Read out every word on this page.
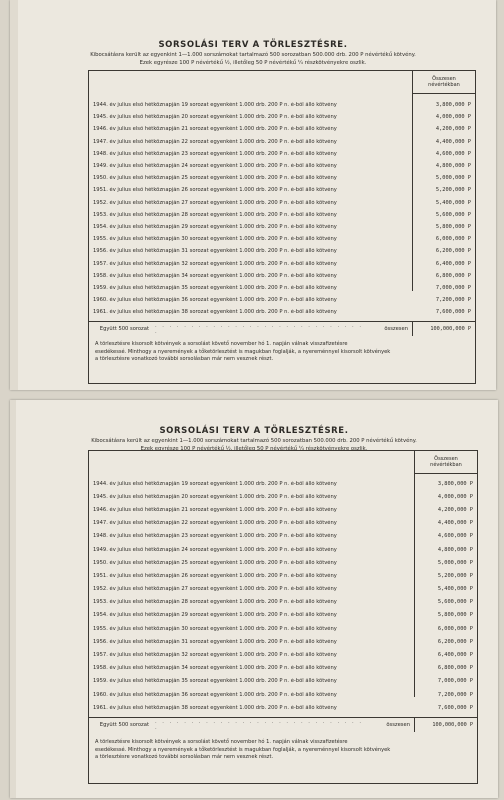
SORSOLÁSI TERV A TÖRLESZTÉSRE.
Kibocsátásra került az egyenkint 1—1.000 sorszámokat tartalmazó 500 sorozatban 500.000 drb. 200 P névértékű kötvény.
Ezek egyrésze 100 P névértékű ½, illetőleg 50 P névértékű ¼ részkötvényekre oszlik.
Összesen
névértékban
1944. év julius első hétköznapján 19 sorozat egyenként 1.000 drb. 200 P n. é-ből álló kötvény	3,800,000 P
1945. év julius első hétköznapján 20 sorozat egyenként 1.000 drb. 200 P n. é-ből álló kötvény	4,000,000 P
1946. év julius első hétköznapján 21 sorozat egyenként 1.000 drb. 200 P n. é-ből álló kötvény	4,200,000 P
1947. év julius első hétköznapján 22 sorozat egyenként 1.000 drb. 200 P n. é-ből álló kötvény	4,400,000 P
1948. év julius első hétköznapján 23 sorozat egyenként 1.000 drb. 200 P n. é-ből álló kötvény	4,600,000 P
1949. év julius első hétköznapján 24 sorozat egyenként 1.000 drb. 200 P n. é-ből álló kötvény	4,800,000 P
1950. év julius első hétköznapján 25 sorozat egyenként 1.000 drb. 200 P n. é-ből álló kötvény	5,000,000 P
1951. év julius első hétköznapján 26 sorozat egyenként 1.000 drb. 200 P n. é-ből álló kötvény	5,200,000 P
1952. év julius első hétköznapján 27 sorozat egyenként 1.000 drb. 200 P n. é-ből álló kötvény	5,400,000 P
1953. év julius első hétköznapján 28 sorozat egyenként 1.000 drb. 200 P n. é-ből álló kötvény	5,600,000 P
1954. év julius első hétköznapján 29 sorozat egyenként 1.000 drb. 200 P n. é-ből álló kötvény	5,800,000 P
1955. év julius első hétköznapján 30 sorozat egyenként 1.000 drb. 200 P n. é-ből álló kötvény	6,000,000 P
1956. év julius első hétköznapján 31 sorozat egyenként 1.000 drb. 200 P n. é-ből álló kötvény	6,200,000 P
1957. év julius első hétköznapján 32 sorozat egyenként 1.000 drb. 200 P n. é-ből álló kötvény	6,400,000 P
1958. év julius első hétköznapján 34 sorozat egyenként 1.000 drb. 200 P n. é-ből álló kötvény	6,800,000 P
1959. év julius első hétköznapján 35 sorozat egyenként 1.000 drb. 200 P n. é-ből álló kötvény	7,000,000 P
1960. év julius első hétköznapján 36 sorozat egyenként 1.000 drb. 200 P n. é-ből álló kötvény	7,200,000 P
1961. év julius első hétköznapján 38 sorozat egyenként 1.000 drb. 200 P n. é-ből álló kötvény	7,600,000 P
Együtt 500 sorozat	. . . . . . . . . . . . . . . . . . . . . . . . . . . . . .	összesen	100,000,000 P
A törlesztésre kisorsolt kötvények a sorsolást követő november hó 1. napján válnak visszafizetésre
esedékessé. Minthogy a nyeremények a tőketörlesztést is magukban foglalják, a nyereménnyel kisorsolt kötvények
a törlesztésre vonatkozó további sorsolásban már nem vesznek részt.
SORSOLÁSI TERV A TÖRLESZTÉSRE.
Kibocsátásra került az egyenkint 1—1.000 sorszámokat tartalmazó 500 sorozatban 500.000 drb. 200 P névértékű kötvény.
Ezek egyrésze 100 P névértékű ½, illetőleg 50 P névértékű ¼ részkötvényekre oszlik.
Összesen
névértékban
1944. év julius első hétköznapján 19 sorozat egyenként 1.000 drb. 200 P n. é-ből álló kötvény	3,800,000 P
1945. év julius első hétköznapján 20 sorozat egyenként 1.000 drb. 200 P n. é-ből álló kötvény	4,000,000 P
1946. év julius első hétköznapján 21 sorozat egyenként 1.000 drb. 200 P n. é-ből álló kötvény	4,200,000 P
1947. év julius első hétköznapján 22 sorozat egyenként 1.000 drb. 200 P n. é-ből álló kötvény	4,400,000 P
1948. év julius első hétköznapján 23 sorozat egyenként 1.000 drb. 200 P n. é-ből álló kötvény	4,600,000 P
1949. év julius első hétköznapján 24 sorozat egyenként 1.000 drb. 200 P n. é-ből álló kötvény	4,800,000 P
1950. év julius első hétköznapján 25 sorozat egyenként 1.000 drb. 200 P n. é-ből álló kötvény	5,000,000 P
1951. év julius első hétköznapján 26 sorozat egyenként 1.000 drb. 200 P n. é-ből álló kötvény	5,200,000 P
1952. év julius első hétköznapján 27 sorozat egyenként 1.000 drb. 200 P n. é-ből álló kötvény	5,400,000 P
1953. év julius első hétköznapján 28 sorozat egyenként 1.000 drb. 200 P n. é-ből álló kötvény	5,600,000 P
1954. év julius első hétköznapján 29 sorozat egyenként 1.000 drb. 200 P n. é-ből álló kötvény	5,800,000 P
1955. év julius első hétköznapján 30 sorozat egyenként 1.000 drb. 200 P n. é-ből álló kötvény	6,000,000 P
1956. év julius első hétköznapján 31 sorozat egyenként 1.000 drb. 200 P n. é-ből álló kötvény	6,200,000 P
1957. év julius első hétköznapján 32 sorozat egyenként 1.000 drb. 200 P n. é-ből álló kötvény	6,400,000 P
1958. év julius első hétköznapján 34 sorozat egyenként 1.000 drb. 200 P n. é-ből álló kötvény	6,800,000 P
1959. év julius első hétköznapján 35 sorozat egyenként 1.000 drb. 200 P n. é-ből álló kötvény	7,000,000 P
1960. év julius első hétköznapján 36 sorozat egyenként 1.000 drb. 200 P n. é-ből álló kötvény	7,200,000 P
1961. év julius első hétköznapján 38 sorozat egyenként 1.000 drb. 200 P n. é-ből álló kötvény	7,600,000 P
Együtt 500 sorozat	. . . . . . . . . . . . . . . . . . . . . . . . . . . . . .	összesen	100,000,000 P
A törlesztésre kisorsolt kötvények a sorsolást követő november hó 1. napján válnak visszafizetésre
esedékessé. Minthogy a nyeremények a tőketörlesztést is magukban foglalják, a nyereménnyel kisorsolt kötvények
a törlesztésre vonatkozó további sorsolásban már nem vesznek részt.
